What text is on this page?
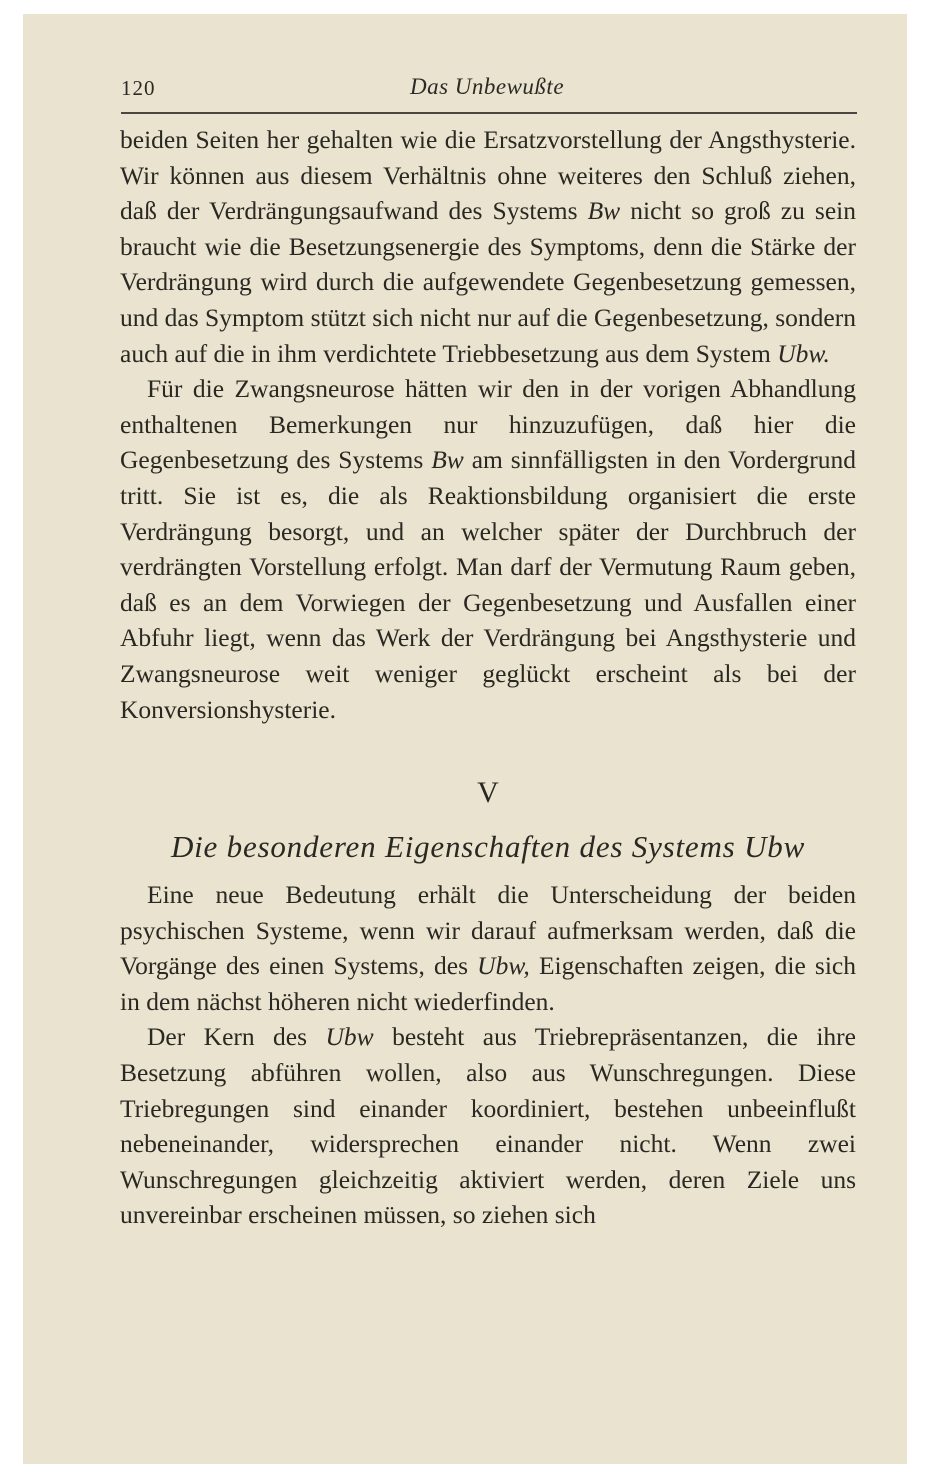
120	Das Unbewußte

beiden Seiten her gehalten wie die Ersatzvorstellung der Angsthysterie. Wir können aus diesem Verhältnis ohne weiteres den Schluß ziehen, daß der Verdrängungsaufwand des Systems Bw nicht so groß zu sein braucht wie die Besetzungsenergie des Symptoms, denn die Stärke der Verdrängung wird durch die aufgewendete Gegenbesetzung gemessen, und das Symptom stützt sich nicht nur auf die Gegenbesetzung, sondern auch auf die in ihm verdichtete Triebbesetzung aus dem System Ubw.

Für die Zwangsneurose hätten wir den in der vorigen Abhandlung enthaltenen Bemerkungen nur hinzuzufügen, daß hier die Gegenbesetzung des Systems Bw am sinnfälligsten in den Vordergrund tritt. Sie ist es, die als Reaktionsbildung organisiert die erste Verdrängung besorgt, und an welcher später der Durchbruch der verdrängten Vorstellung erfolgt. Man darf der Vermutung Raum geben, daß es an dem Vorwiegen der Gegenbesetzung und Ausfallen einer Abfuhr liegt, wenn das Werk der Verdrängung bei Angsthysterie und Zwangsneurose weit weniger geglückt erscheint als bei der Konversionshysterie.

V

Die besonderen Eigenschaften des Systems Ubw

Eine neue Bedeutung erhält die Unterscheidung der beiden psychischen Systeme, wenn wir darauf aufmerksam werden, daß die Vorgänge des einen Systems, des Ubw, Eigenschaften zeigen, die sich in dem nächst höheren nicht wiederfinden.

Der Kern des Ubw besteht aus Triebrepräsentanzen, die ihre Besetzung abführen wollen, also aus Wunschregungen. Diese Triebregungen sind einander koordiniert, bestehen unbeeinflußt nebeneinander, widersprechen einander nicht. Wenn zwei Wunschregungen gleichzeitig aktiviert werden, deren Ziele uns unvereinbar erscheinen müssen, so ziehen sich
